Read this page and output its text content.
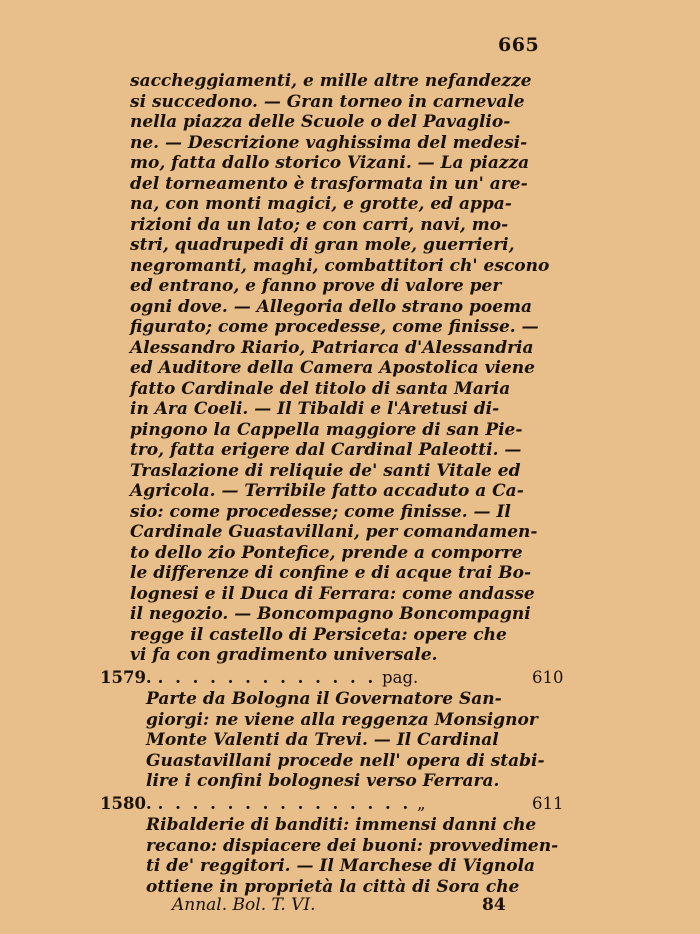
665
saccheggiamenti, e mille altre nefandezze
si succedono. — Gran torneo in carnevale
nella piazza delle Scuole o del Pavaglio-
ne. — Descrizione vaghissima del medesi-
mo, fatta dallo storico Vizani. — La piazza
del torneamento è trasformata in un' are-
na, con monti magici, e grotte, ed appa-
rizioni da un lato; e con carri, navi, mo-
stri, quadrupedi di gran mole, guerrieri,
negromanti, maghi, combattitori ch' escono
ed entrano, e fanno prove di valore per
ogni dove. — Allegoria dello strano poema
figurato; come procedesse, come finisse. —
Alessandro Riario, Patriarca d'Alessandria
ed Auditore della Camera Apostolica viene
fatto Cardinale del titolo di santa Maria
in Ara Coeli. — Il Tibaldi e l'Aretusi di-
pingono la Cappella maggiore di san Pie-
tro, fatta erigere dal Cardinal Paleotti. —
Traslazione di reliquie de' santi Vitale ed
Agricola. — Terribile fatto accaduto a Ca-
sio: come procedesse; come finisse. — Il
Cardinale Guastavillani, per comandamen-
to dello zio Pontefice, prende a comporre
le differenze di confine e di acque trai Bo-
lognesi e il Duca di Ferrara: come andasse
il negozio. — Boncompagno Boncompagni
regge il castello di Persiceta: opere che
vi fa con gradimento universale.
1579. . . . . . . . . . . . . . pag.	610
Parte da Bologna il Governatore San-
giorgi: ne viene alla reggenza Monsignor
Monte Valenti da Trevi. — Il Cardinal
Guastavillani procede nell' opera di stabi-
lire i confini bolognesi verso Ferrara.
1580. . . . . . . . . . . . . . . . „	611
Ribalderie di banditi: immensi danni che
recano: dispiacere dei buoni: provvedimen-
ti de' reggitori. — Il Marchese di Vignola
ottiene in proprietà la città di Sora che
Annal. Bol. T. VI.	84
